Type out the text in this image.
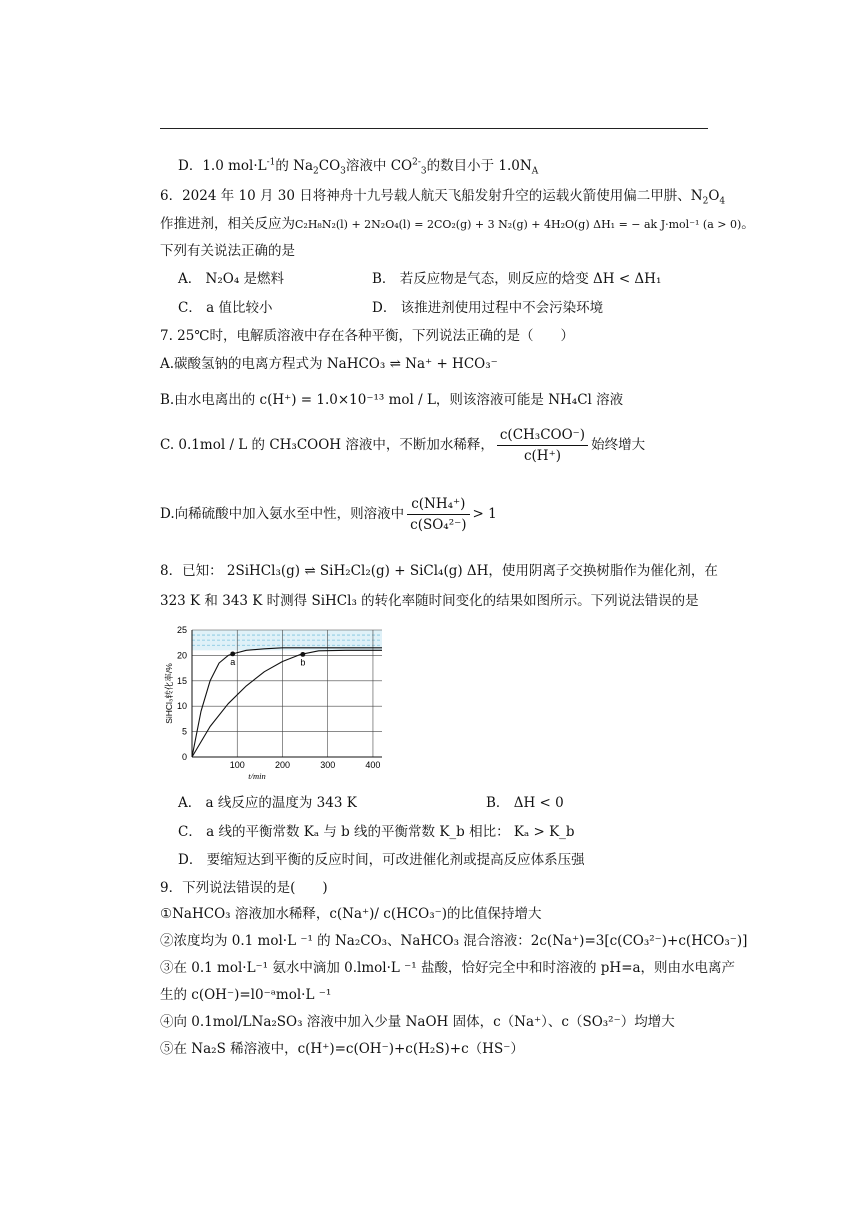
D．1.0 $mol\cdot L^{-1}$的 $Na_2CO_3$溶液中 $CO^{2-}_3$的数目小于 $1.0N_A$
6．2024 年 10 月 30 日将神舟十九号载人航天飞船发射升空的运载火箭使用偏二甲肼、$N_2O_4$
作推进剂，相关反应为C₂H₈N₂(l) + 2N₂O₄(l) = 2CO₂(g) + 3 N₂(g) + 4H₂O(g) ΔH₁ = − ak J·mol⁻¹ (a > 0)。
下列有关说法正确的是
A． N₂O₄ 是燃料	B． 若反应物是气态，则反应的焓变 ΔH < ΔH₁
C． a 值比较小	D． 该推进剂使用过程中不会污染环境
7. 25℃时，电解质溶液中存在各种平衡，下列说法正确的是（　　）
A.碳酸氢钠的电离方程式为 NaHCO₃ ⇌ Na⁺ + HCO₃⁻
B.由水电离出的 c(H⁺) = 1.0×10⁻¹³ mol / L，则该溶液可能是 NH₄Cl 溶液
C. 0.1mol / L 的 CH₃COOH 溶液中，不断加水稀释， $\frac{\text{c(CH₃COO⁻)}}{c(H^+)}$ 始终增大
D.向稀硫酸中加入氨水至中性，则溶液中 $\frac{\text{c(NH₄⁺)}}{\text{c(SO₄²⁻)}} > 1$
8．已知： 2SiHCl₃(g) ⇌ SiH₂Cl₂(g) + SiCl₄(g) ΔH，使用阴离子交换树脂作为催化剂，在
323 K 和 343 K 时测得 SiHCl₃ 的转化率随时间变化的结果如图所示。下列说法错误的是
0
5
10
15
20
25
100	200	300	400
t/min
SiHCl₃转化率/%
a	b
A． a 线反应的温度为 343 K	B． ΔH < 0
C． a 线的平衡常数 Kₐ 与 b 线的平衡常数 K_b 相比： Kₐ > K_b
D． 要缩短达到平衡的反应时间，可改进催化剂或提高反应体系压强
9．下列说法错误的是(　　)
①NaHCO₃ 溶液加水稀释，c(Na⁺)/ c(HCO₃⁻)的比值保持增大
②浓度均为 0.1 mol·L ⁻¹ 的 Na₂CO₃、NaHCO₃ 混合溶液：2c(Na⁺)=3[c(CO₃²⁻)+c(HCO₃⁻)]
③在 0.1 mol·L⁻¹ 氨水中滴加 0.lmol·L ⁻¹ 盐酸，恰好完全中和时溶液的 pH=a，则由水电离产
生的 c(OH⁻)=l0⁻ᵃmol·L ⁻¹
④向 0.1mol/LNa₂SO₃ 溶液中加入少量 NaOH 固体，c（Na⁺）、c（SO₃²⁻）均增大
⑤在 Na₂S 稀溶液中，c(H⁺)=c(OH⁻)+c(H₂S)+c（HS⁻）
